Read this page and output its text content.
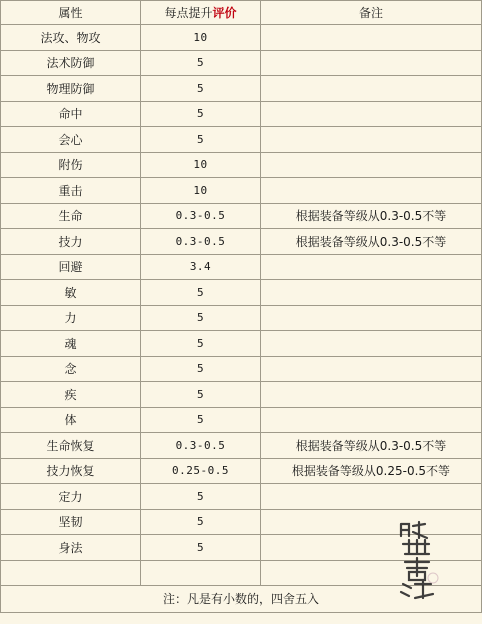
属性	每点提升评价	备注
法攻、物攻	10	
法术防御	5	
物理防御	5	
命中	5	
会心	5	
附伤	10	
重击	10	
生命	0.3-0.5	根据装备等级从0.3-0.5不等
技力	0.3-0.5	根据装备等级从0.3-0.5不等
回避	3.4	
敏	5	
力	5	
魂	5	
念	5	
疾	5	
体	5	
生命恢复	0.3-0.5	根据装备等级从0.3-0.5不等
技力恢复	0.25-0.5	根据装备等级从0.25-0.5不等
定力	5	
坚韧	5	
身法	5	

注：凡是有小数的，四舍五入		
